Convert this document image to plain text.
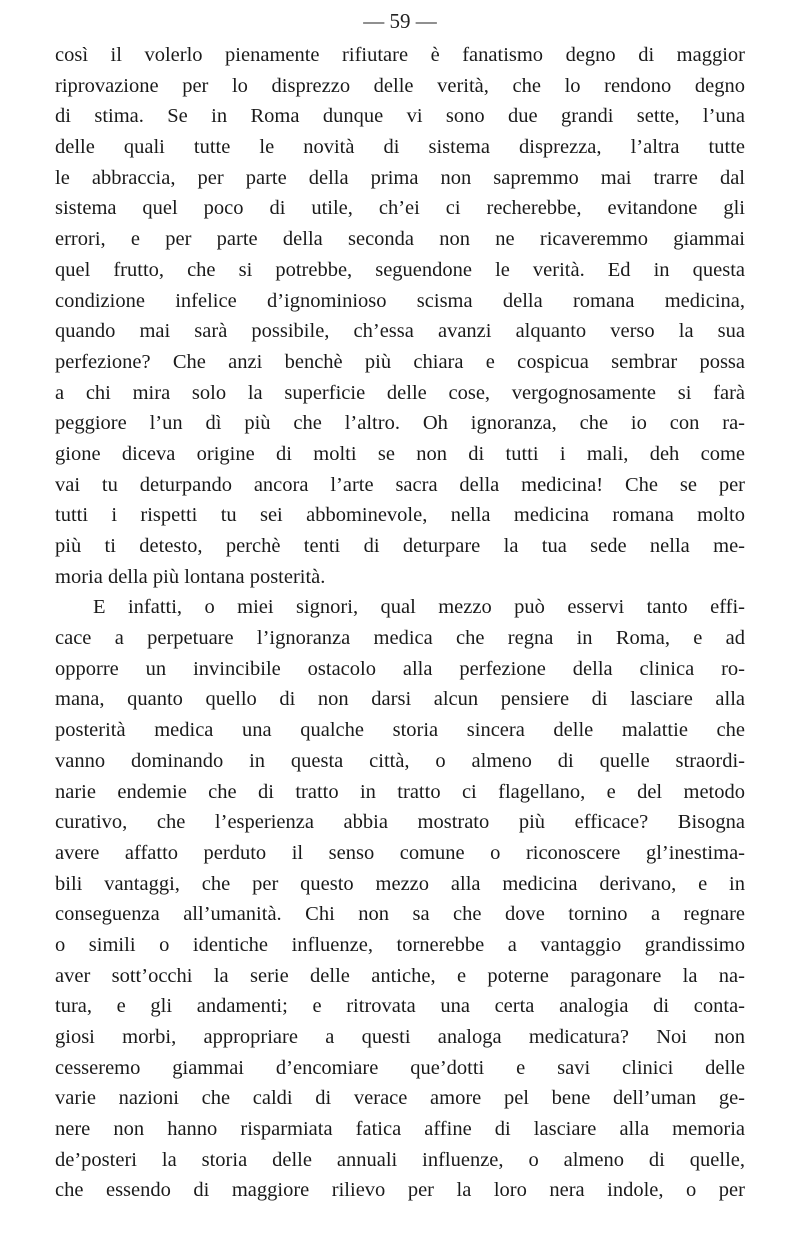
— 59 —
così il volerlo pienamente rifiutare è fanatismo degno di maggior
riprovazione per lo disprezzo delle verità, che lo rendono degno
di stima. Se in Roma dunque vi sono due grandi sette, l’una
delle quali tutte le novità di sistema disprezza, l’altra tutte
le abbraccia, per parte della prima non sapremmo mai trarre dal
sistema quel poco di utile, ch’ei ci recherebbe, evitandone gli
errori, e per parte della seconda non ne ricaveremmo giammai
quel frutto, che si potrebbe, seguendone le verità. Ed in questa
condizione infelice d’ignominioso scisma della romana medicina,
quando mai sarà possibile, ch’essa avanzi alquanto verso la sua
perfezione? Che anzi benchè più chiara e cospicua sembrar possa
a chi mira solo la superficie delle cose, vergognosamente si farà
peggiore l’un dì più che l’altro. Oh ignoranza, che io con ra-
gione diceva origine di molti se non di tutti i mali, deh come
vai tu deturpando ancora l’arte sacra della medicina! Che se per
tutti i rispetti tu sei abbominevole, nella medicina romana molto
più ti detesto, perchè tenti di deturpare la tua sede nella me-
moria della più lontana posterità.
E infatti, o miei signori, qual mezzo può esservi tanto effi-
cace a perpetuare l’ignoranza medica che regna in Roma, e ad
opporre un invincibile ostacolo alla perfezione della clinica ro-
mana, quanto quello di non darsi alcun pensiere di lasciare alla
posterità medica una qualche storia sincera delle malattie che
vanno dominando in questa città, o almeno di quelle straordi-
narie endemie che di tratto in tratto ci flagellano, e del metodo
curativo, che l’esperienza abbia mostrato più efficace? Bisogna
avere affatto perduto il senso comune o riconoscere gl’inestima-
bili vantaggi, che per questo mezzo alla medicina derivano, e in
conseguenza all’umanità. Chi non sa che dove tornino a regnare
o simili o identiche influenze, tornerebbe a vantaggio grandissimo
aver sott’occhi la serie delle antiche, e poterne paragonare la na-
tura, e gli andamenti; e ritrovata una certa analogia di conta-
giosi morbi, appropriare a questi analoga medicatura? Noi non
cesseremo giammai d’encomiare que’dotti e savi clinici delle
varie nazioni che caldi di verace amore pel bene dell’uman ge-
nere non hanno risparmiata fatica affine di lasciare alla memoria
de’posteri la storia delle annuali influenze, o almeno di quelle,
che essendo di maggiore rilievo per la loro nera indole, o per
